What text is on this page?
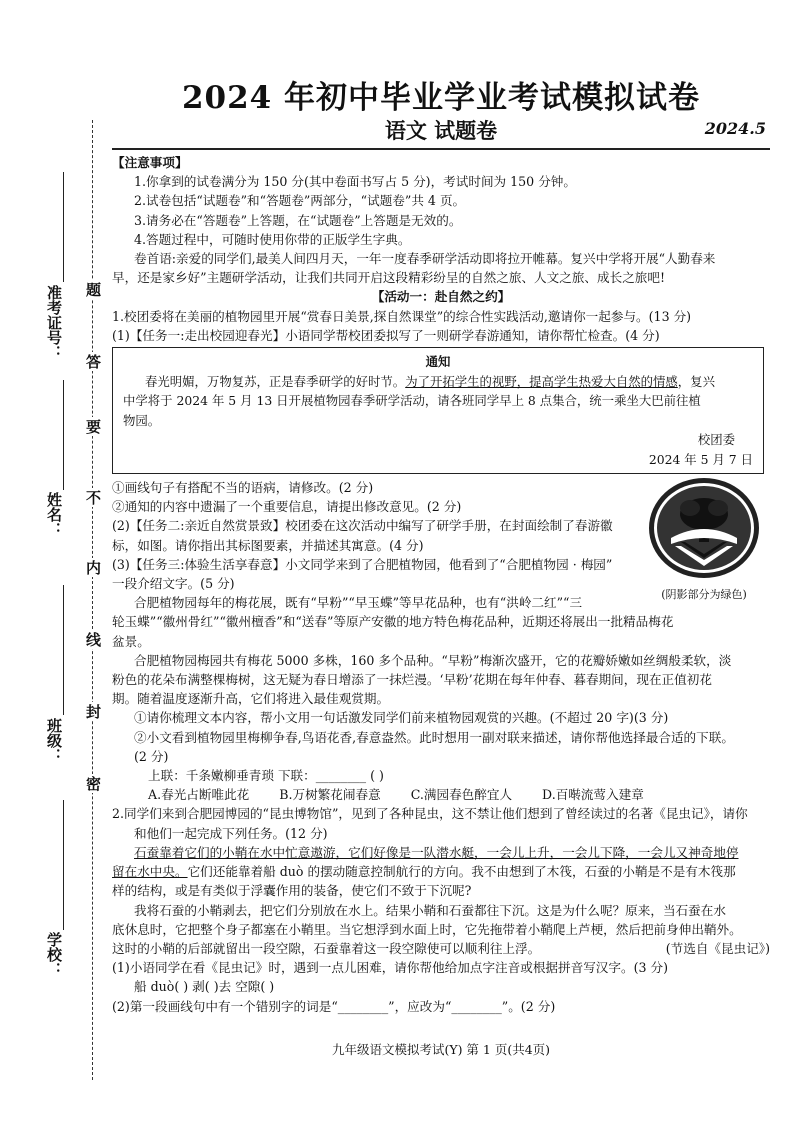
准考证号：
姓名：
班级：
学校：
题
答
要
不
内
线
封
密
2024 年初中毕业学业考试模拟试卷
语文 试题卷	2024.5
【注意事项】
1.你拿到的试卷满分为 150 分(其中卷面书写占 5 分)，考试时间为 150 分钟。
2.试卷包括“试题卷”和“答题卷”两部分，“试题卷”共 4 页。
3.请务必在“答题卷”上答题，在“试题卷”上答题是无效的。
4.答题过程中，可随时使用你带的正版学生字典。
卷首语:亲爱的同学们,最美人间四月天，一年一度春季研学活动即将拉开帷幕。复兴中学将开展“人勤春来
早，还是家乡好”主题研学活动，让我们共同开启这段精彩纷呈的自然之旅、人文之旅、成长之旅吧!
【活动一：赴自然之约】
1.校团委将在美丽的植物园里开展“赏春日美景,探自然课堂”的综合性实践活动,邀请你一起参与。(13 分)
(1)【任务一:走出校园迎春光】小语同学帮校团委拟写了一则研学春游通知，请你帮忙检查。(4 分)
通知
春光明媚，万物复苏，正是春季研学的好时节。为了开拓学生的视野，提高学生热爱大自然的情感，复兴
中学将于 2024 年 5 月 13 日开展植物园春季研学活动，请各班同学早上 8 点集合，统一乘坐大巴前往植
物园。
校团委
2024 年 5 月 7 日
(阴影部分为绿色)
①画线句子有搭配不当的语病，请修改。(2 分)
②通知的内容中遗漏了一个重要信息，请提出修改意见。(2 分)
(2)【任务二:亲近自然赏景致】校团委在这次活动中编写了研学手册，在封面绘制了春游徽
标，如图。请你指出其标图要素，并描述其寓意。(4 分)
(3)【任务三:体验生活享春意】小文同学来到了合肥植物园，他看到了“合肥植物园 · 梅园”
一段介绍文字。(5 分)
合肥植物园每年的梅花展，既有“早粉”“早玉蝶”等早花品种，也有“洪岭二红”“三
轮玉蝶”“徽州骨红”“徽州檀香”和“送春”等原产安徽的地方特色梅花品种，近期还将展出一批精品梅花
盆景。
合肥植物园梅园共有梅花 5000 多株，160 多个品种。“早粉”梅渐次盛开，它的花瓣娇嫩如丝绸般柔软，淡
粉色的花朵布满整棵梅树，这无疑为春日增添了一抹烂漫。‘早粉’花期在每年仲春、暮春期间，现在正值初花
期。随着温度逐渐升高，它们将进入最佳观赏期。
①请你梳理文本内容，帮小文用一句话激发同学们前来植物园观赏的兴趣。(不超过 20 字)(3 分)
②小文看到植物园里梅柳争春,鸟语花香,春意盎然。此时想用一副对联来描述，请你帮他选择最合适的下联。
(2 分)
上联：千条嫩柳垂青琐 下联：________ ( )
A.春光占断唯此花 B.万树繁花闹春意 C.满园春色醉宜人 D.百啭流莺入建章
2.同学们来到合肥园博园的“昆虫博物馆”，见到了各种昆虫，这不禁让他们想到了曾经读过的名著《昆虫记》，请你
和他们一起完成下列任务。(12 分)
石蚕靠着它们的小鞘在水中忙意遨游，它们好像是一队潜水艇，一会儿上升，一会儿下降，一会儿又神奇地停
留在水中央。它们还能靠着船 duò 的摆动随意控制航行的方向。我不由想到了木筏，石蚕的小鞘是不是有木筏那
样的结构，或是有类似于浮囊作用的装备，使它们不致于下沉呢?
我将石蚕的小鞘剥去，把它们分别放在水上。结果小鞘和石蚕都往下沉。这是为什么呢？原来，当石蚕在水
底休息时，它把整个身子都塞在小鞘里。当它想浮到水面上时，它先拖带着小鞘爬上芦梗，然后把前身伸出鞘外。
这时的小鞘的后部就留出一段空隙，石蚕靠着这一段空隙使可以顺利往上浮。	(节选自《昆虫记》)
(1)小语同学在看《昆虫记》时，遇到一点儿困难，请你帮他给加点字注音或根据拼音写汉字。(3 分)
船 duò( ) 剥( )去 空隙( )
(2)第一段画线句中有一个错别字的词是“________”，应改为“________”。(2 分)
九年级语文模拟考试(Y) 第 1 页(共4页)
